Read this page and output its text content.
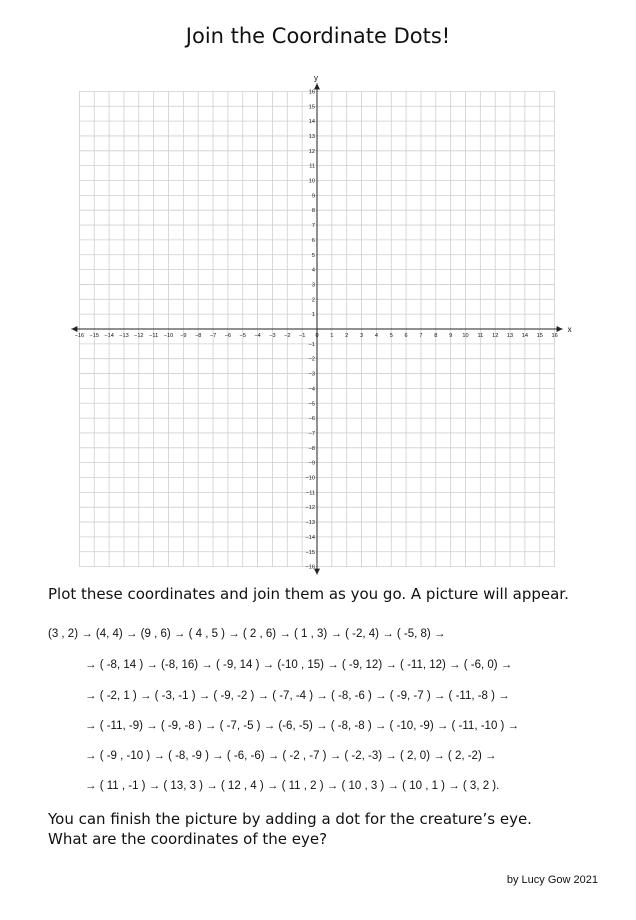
Join the Coordinate Dots!
x
y
−16 −15 −14 −13 −12 −11 −10 −9 −8 −7 −6 −5 −4 −3 −2 −1 0 1 2 3 4 5 6 7 8 9 10 11 12 13 14 15 16
−16
−15
−14
−13
−12
−11
−10
−9
−8
−7
−6
−5
−4
−3
−2
−1
1
2
3
4
5
6
7
8
9
10
11
12
13
14
15
16
Plot these coordinates and join them as you go. A picture will appear.
(3 , 2) → (4, 4) → (9 , 6) → ( 4 , 5 ) → ( 2 , 6) → ( 1 , 3) → ( -2, 4) → ( -5, 8) →
→ ( -8, 14 ) → (-8, 16) → ( -9, 14 ) → (-10 , 15) → ( -9, 12) → ( -11, 12) → ( -6, 0) →
→ ( -2, 1 ) → ( -3, -1 ) → ( -9, -2 ) → ( -7, -4 ) → ( -8, -6 ) → ( -9, -7 ) → ( -11, -8 ) →
→ ( -11, -9) → ( -9, -8 ) → ( -7, -5 ) → (-6, -5) → ( -8, -8 ) → ( -10, -9) → ( -11, -10 ) →
→ ( -9 , -10 ) → ( -8, -9 ) → ( -6, -6) → ( -2 , -7 ) → ( -2, -3) → ( 2, 0) → ( 2, -2) →
→ ( 11 , -1 ) → ( 13, 3 ) → ( 12 , 4 ) → ( 11 , 2 ) → ( 10 , 3 ) → ( 10 , 1 ) → ( 3, 2 ).
You can finish the picture by adding a dot for the creature’s eye.
What are the coordinates of the eye?
by Lucy Gow 2021
